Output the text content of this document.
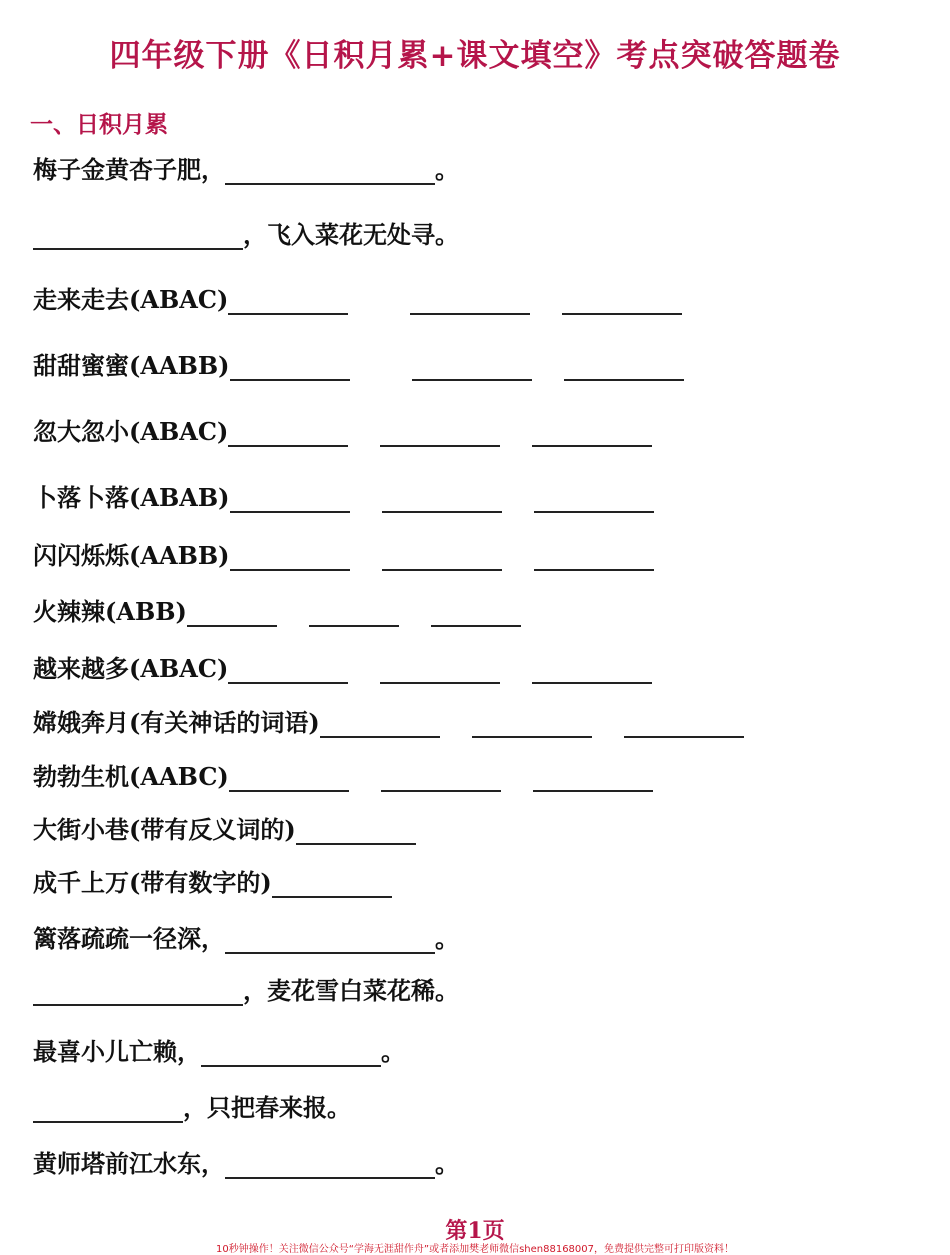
四年级下册《日积月累+课文填空》考点突破答题卷
一、日积月累
梅子金黄杏子肥，	。
，飞入菜花无处寻。
走来走去(ABAC)
甜甜蜜蜜(AABB)
忽大忽小(ABAC)
卜落卜落(ABAB)
闪闪烁烁(AABB)
火辣辣(ABB)
越来越多(ABAC)
嫦娥奔月(有关神话的词语)
勃勃生机(AABC)
大街小巷(带有反义词的)
成千上万(带有数字的)
篱落疏疏一径深，	。
，麦花雪白菜花稀。
最喜小儿亡赖，	。
，只把春来报。
黄师塔前江水东，	。
第1页
10秒钟操作！关注微信公众号“学海无涯甜作舟”或者添加樊老师微信shen88168007，免费提供完整可打印版资料！
